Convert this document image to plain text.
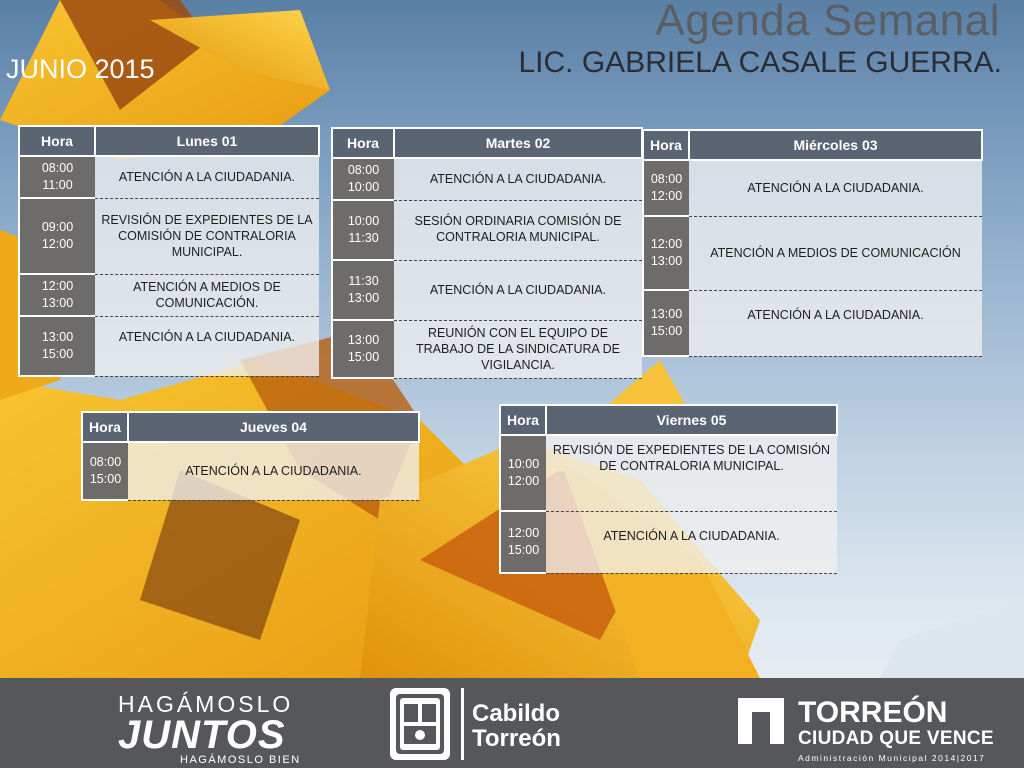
Agenda Semanal
LIC. GABRIELA CASALE GUERRA.
JUNIO 2015
Hora	Lunes 01
08:00
11:00	ATENCIÓN A LA CIUDADANIA.
09:00
12:00	REVISIÓN DE EXPEDIENTES DE LA COMISIÓN DE CONTRALORIA MUNICIPAL.
12:00
13:00	ATENCIÓN A MEDIOS DE COMUNICACIÓN.
13:00
15:00	ATENCIÓN A LA CIUDADANIA.
Hora	Martes 02
08:00
10:00	ATENCIÓN A LA CIUDADANIA.
10:00
11:30	SESIÓN ORDINARIA COMISIÓN DE CONTRALORIA MUNICIPAL.
11:30
13:00	ATENCIÓN A LA CIUDADANIA.
13:00
15:00	REUNIÓN CON EL EQUIPO DE TRABAJO DE LA SINDICATURA DE VIGILANCIA.
Hora	Miércoles 03
08:00
12:00	ATENCIÓN A LA CIUDADANIA.
12:00
13:00	ATENCIÓN A MEDIOS DE COMUNICACIÓN
13:00
15:00	ATENCIÓN A LA CIUDADANIA.
Hora	Jueves 04
08:00
15:00	ATENCIÓN A LA CIUDADANIA.
Hora	Viernes 05
10:00
12:00	REVISIÓN DE EXPEDIENTES DE LA COMISIÓN DE CONTRALORIA MUNICIPAL.
12:00
15:00	ATENCIÓN A LA CIUDADANIA.
HAGÁMOSLO
JUNTOS
HAGÁMOSLO BIEN
Cabildo
Torreón
TORREÓN
CIUDAD QUE VENCE
Administración Municipal 2014|2017
